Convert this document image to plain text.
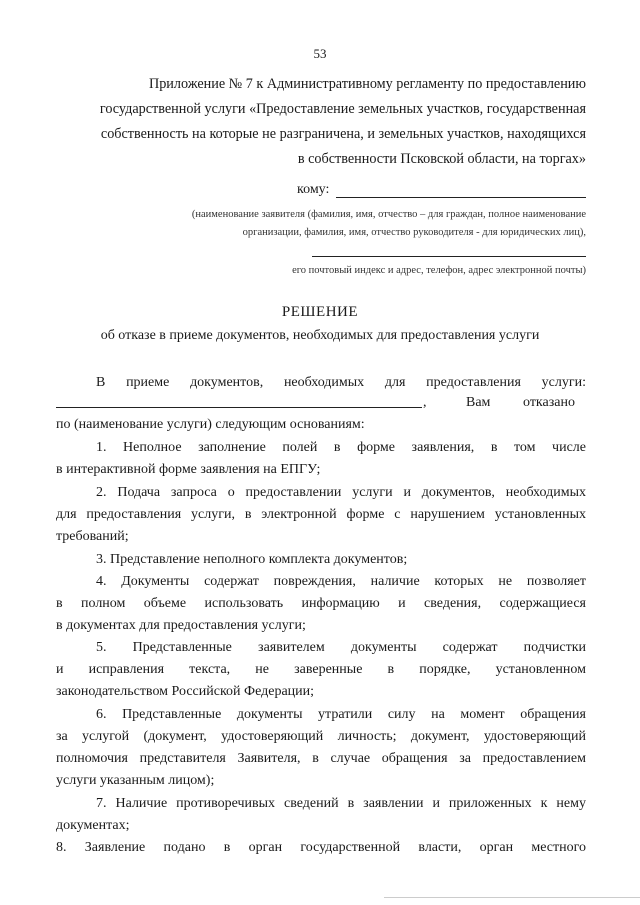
53
Приложение № 7 к Административному регламенту по предоставлению
государственной услуги «Предоставление земельных участков, государственная
собственность на которые не разграничена, и земельных участков, находящихся
в собственности Псковской области, на торгах»
кому:
(наименование заявителя (фамилия, имя, отчество – для граждан, полное наименование
организации, фамилия, имя, отчество руководителя - для юридических лиц),
его почтовый индекс и адрес, телефон, адрес электронной почты)
РЕШЕНИЕ
об отказе в приеме документов, необходимых для предоставления услуги
В приеме документов, необходимых для предоставления услуги:
,	Вам отказано
по (наименование услуги) следующим основаниям:
1. Неполное заполнение полей в форме заявления, в том числе
в интерактивной форме заявления на ЕПГУ;
2. Подача запроса о предоставлении услуги и документов, необходимых
для предоставления услуги, в электронной форме с нарушением установленных
требований;
3. Представление неполного комплекта документов;
4. Документы содержат повреждения, наличие которых не позволяет
в полном объеме использовать информацию и сведения, содержащиеся
в документах для предоставления услуги;
5. Представленные заявителем документы содержат подчистки
и исправления текста, не заверенные в порядке, установленном
законодательством Российской Федерации;
6. Представленные документы утратили силу на момент обращения
за услугой (документ, удостоверяющий личность; документ, удостоверяющий
полномочия представителя Заявителя, в случае обращения за предоставлением
услуги указанным лицом);
7. Наличие противоречивых сведений в заявлении и приложенных к нему
документах;
8. Заявление подано в орган государственной власти, орган местного
